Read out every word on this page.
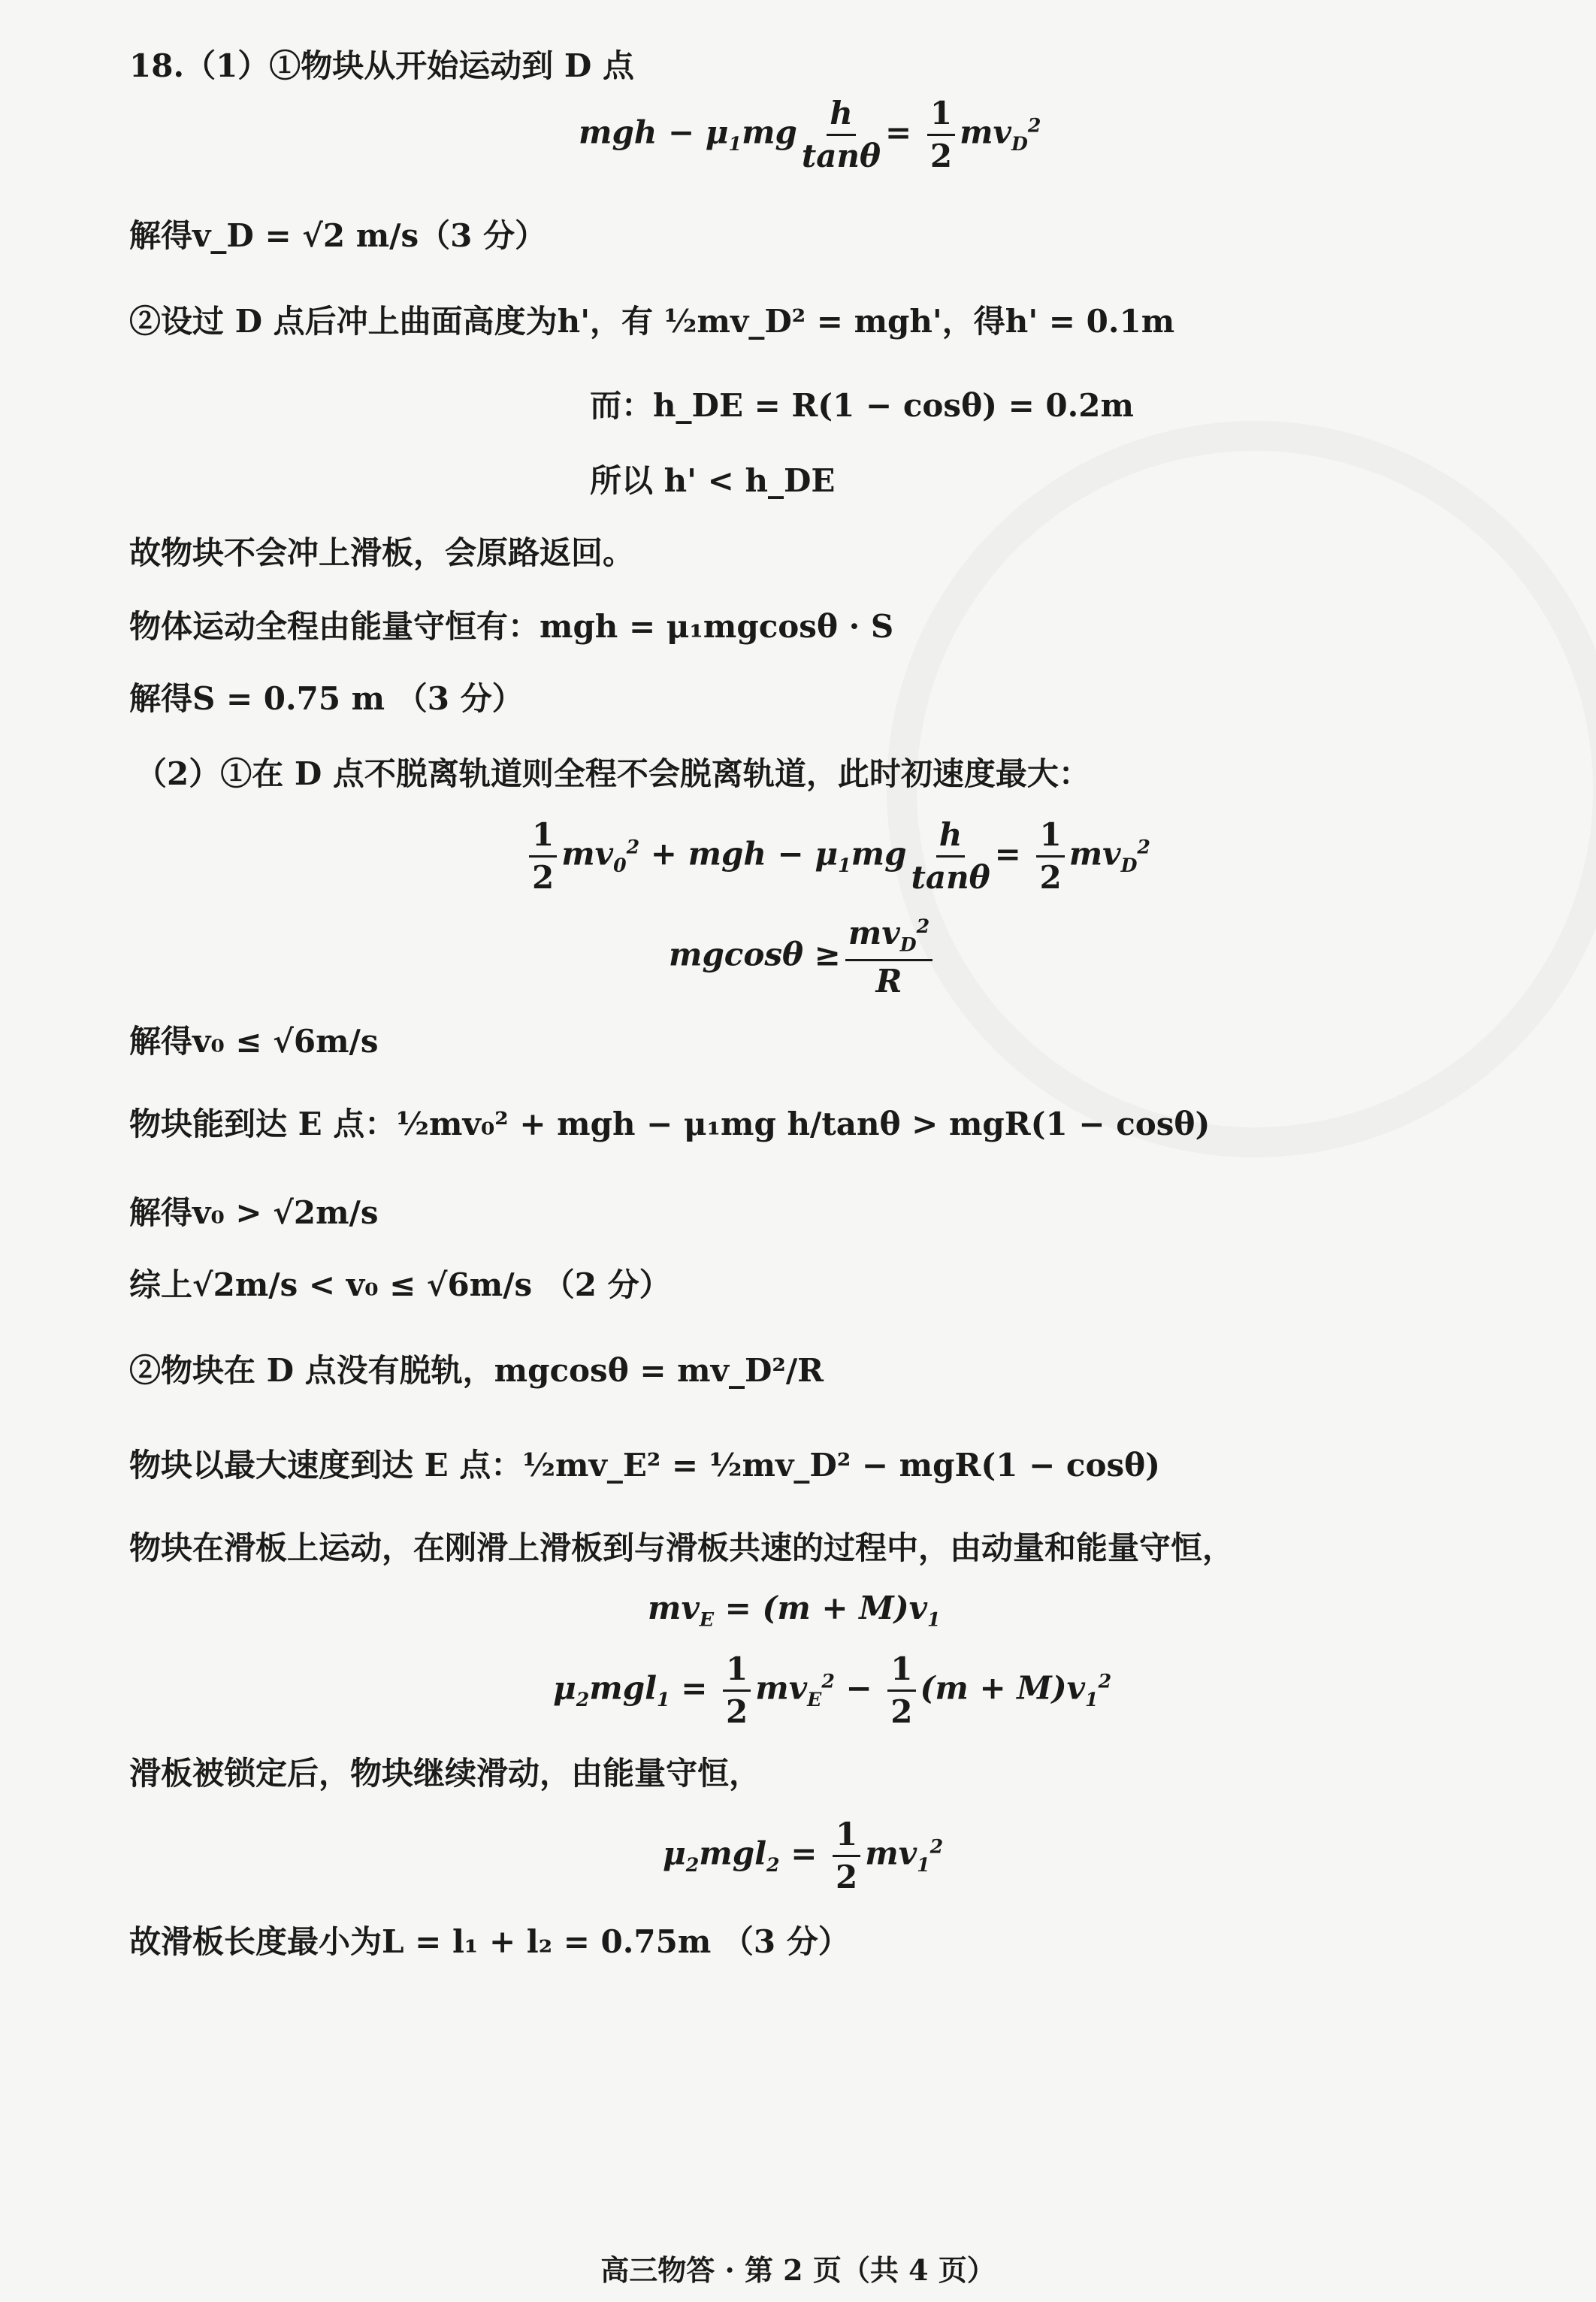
18.（1）①物块从开始运动到 D 点
mgh − $\mu_1mg \frac{h}{\tan\theta} = \frac{1}{2} mv_D^2$
解得v_D = √2 m/s（3 分）
②设过 D 点后冲上曲面高度为h'，有 ½mv_D² = mgh'，得h' = 0.1m
而：h_DE = R(1 − cosθ) = 0.2m
所以 h' < h_DE
故物块不会冲上滑板，会原路返回。
物体运动全程由能量守恒有：mgh = μ₁mgcosθ · S
解得S = 0.75 m （3 分）
（2）①在 D 点不脱离轨道则全程不会脱离轨道，此时初速度最大：
$\frac{1}{2} mv_0^2$ + mgh − $\mu_1mg \frac{h}{\tan\theta} = \frac{1}{2} mv_D^2$
$mgcos\theta \ge \frac{mv_D^2}{R}$
解得v₀ ≤ √6m/s
物块能到达 E 点：½mv₀² + mgh − μ₁mg h/tanθ > mgR(1 − cosθ)
解得v₀ > √2m/s
综上√2m/s < v₀ ≤ √6m/s （2 分）
②物块在 D 点没有脱轨，mgcosθ = mv_D²/R
物块以最大速度到达 E 点：½mv_E² = ½mv_D² − mgR(1 − cosθ)
物块在滑板上运动，在刚滑上滑板到与滑板共速的过程中，由动量和能量守恒，
$mv_E = (m + M)v_1$
$\mu_2mgl_1 = \frac{1}{2} mv_E^2 - \frac{1}{2} (m + M)v_1^2$
滑板被锁定后，物块继续滑动，由能量守恒，
$\mu_2mgl_2 = \frac{1}{2} mv_1^2$
故滑板长度最小为L = l₁ + l₂ = 0.75m （3 分）
高三物答 · 第 2 页（共 4 页）
